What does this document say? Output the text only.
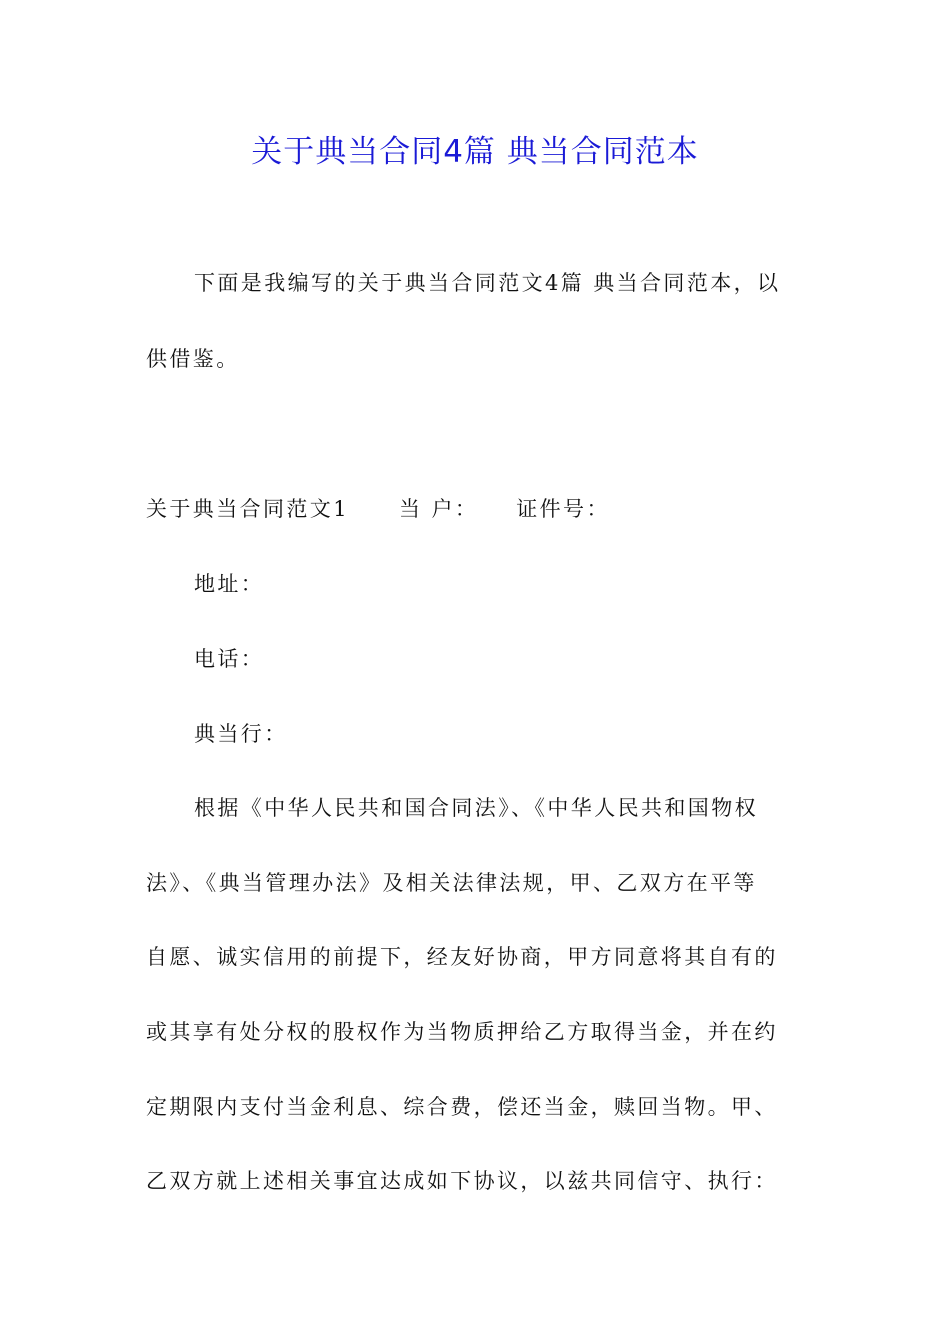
关于典当合同4篇 典当合同范本
下面是我编写的关于典当合同范文4篇 典当合同范本，以
供借鉴。
关于典当合同范文1 当 户： 证件号：
地址：
电话：
典当行：
根据《中华人民共和国合同法》、《中华人民共和国物权
法》、《典当管理办法》及相关法律法规，甲、乙双方在平等
自愿、诚实信用的前提下，经友好协商，甲方同意将其自有的
或其享有处分权的股权作为当物质押给乙方取得当金，并在约
定期限内支付当金利息、综合费，偿还当金，赎回当物。甲、
乙双方就上述相关事宜达成如下协议，以兹共同信守、执行：
